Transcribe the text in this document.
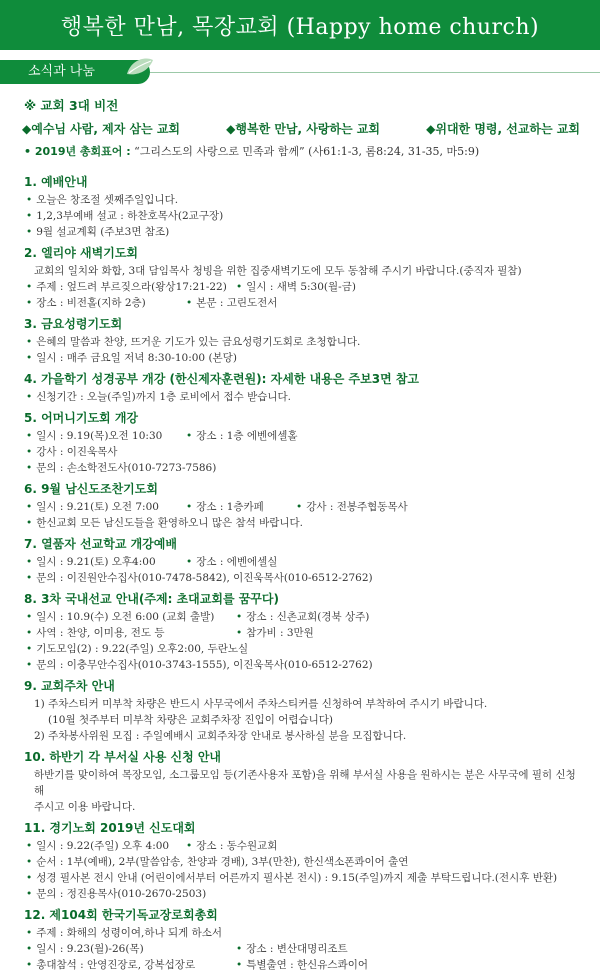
행복한 만남, 목장교회 (Happy home church)
소식과 나눔
※ 교회 3대 비전
◆예수님 사람, 제자 삼는 교회	◆행복한 만남, 사랑하는 교회	◆위대한 명령, 선교하는 교회
• 2019년 총회표어 : “그리스도의 사랑으로 민족과 함께” (사61:1-3, 롬8:24, 31-35, 마5:9)
1. 예배안내
• 오늘은 창조절 셋째주일입니다.
• 1,2,3부예배 설교 : 하찬호목사(2교구장)
• 9월 설교계획 (주보3면 참조)
2. 엘리야 새벽기도회
교회의 일치와 화합, 3대 담임목사 청빙을 위한 집중새벽기도에 모두 동참해 주시기 바랍니다.(중직자 필참)
• 주제 : 엎드려 부르짖으라(왕상17:21-22) • 일시 : 새벽 5:30(월-금)
• 장소 : 비전홀(지하 2층)	• 본문 : 고린도전서
3. 금요성령기도회
• 은혜의 말씀과 찬양, 뜨거운 기도가 있는 금요성령기도회로 초청합니다.
• 일시 : 매주 금요일 저녁 8:30-10:00 (본당)
4. 가을학기 성경공부 개강 (한신제자훈련원): 자세한 내용은 주보3면 참고
• 신청기간 : 오늘(주일)까지 1층 로비에서 접수 받습니다.
5. 어머니기도회 개강
• 일시 : 9.19(목)오전 10:30	• 장소 : 1층 에벤에셀홀
• 강사 : 이진욱목사
• 문의 : 손소학전도사(010-7273-7586)
6. 9월 남신도조찬기도회
• 일시 : 9.21(토) 오전 7:00	• 장소 : 1층카페	• 강사 : 전봉주협동목사
• 한신교회 모든 남신도들을 환영하오니 많은 참석 바랍니다.
7. 열품자 선교학교 개강예배
• 일시 : 9.21(토) 오후4:00	• 장소 : 에벤에셀실
• 문의 : 이진원안수집사(010-7478-5842), 이진욱목사(010-6512-2762)
8. 3차 국내선교 안내(주제: 초대교회를 꿈꾸다)
• 일시 : 10.9(수) 오전 6:00 (교회 출발)	• 장소 : 신촌교회(경북 상주)
• 사역 : 찬양, 이미용, 전도 등	• 참가비 : 3만원
• 기도모임(2) : 9.22(주일) 오후2:00, 두란노실
• 문의 : 이충무안수집사(010-3743-1555), 이진욱목사(010-6512-2762)
9. 교회주차 안내
1) 주차스티커 미부착 차량은 반드시 사무국에서 주차스티커를 신청하여 부착하여 주시기 바랍니다.
(10월 첫주부터 미부착 차량은 교회주차장 진입이 어렵습니다)
2) 주차봉사위원 모집 : 주일예배시 교회주차장 안내로 봉사하실 분을 모집합니다.
10. 하반기 각 부서실 사용 신청 안내
하반기를 맞이하여 목장모임, 소그룹모임 등(기존사용자 포함)을 위해 부서실 사용을 원하시는 분은 사무국에 필히 신청해
주시고 이용 바랍니다.
11. 경기노회 2019년 신도대회
• 일시 : 9.22(주일) 오후 4:00	• 장소 : 동수원교회
• 순서 : 1부(예배), 2부(말씀암송, 찬양과 경배), 3부(만찬), 한신색소폰콰이어 출연
• 성경 필사본 전시 안내 (어린이에서부터 어른까지 필사본 전시) : 9.15(주일)까지 제출 부탁드립니다.(전시후 반환)
• 문의 : 정진용목사(010-2670-2503)
12. 제104회 한국기독교장로회총회
• 주제 : 화해의 성령이여,하나 되게 하소서
• 일시 : 9.23(월)-26(목)	• 장소 : 변산대명리조트
• 총대참석 : 안영진장로, 강복섭장로	• 특별출연 : 한신유스콰이어
